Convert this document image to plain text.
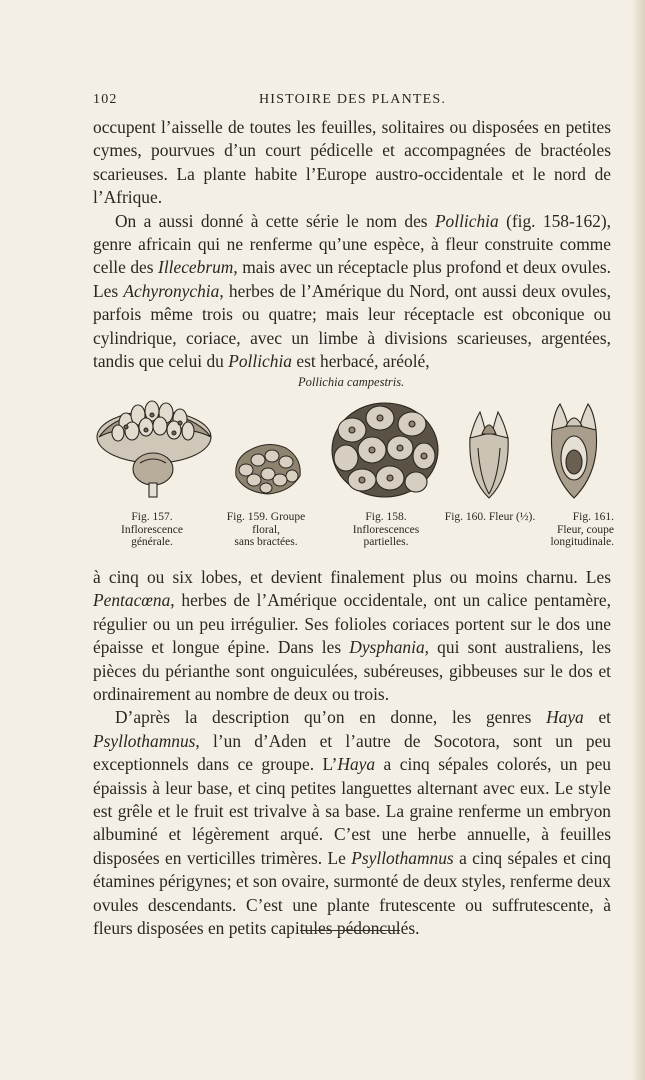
102	HISTOIRE DES PLANTES.

occupent l’aisselle de toutes les feuilles, solitaires ou disposées en petites cymes, pourvues d’un court pédicelle et accompagnées de bractéoles scarieuses. La plante habite l’Europe austro-occidentale et le nord de l’Afrique.

On a aussi donné à cette série le nom des Pollichia (fig. 158-162), genre africain qui ne renferme qu’une espèce, à fleur construite comme celle des Illecebrum, mais avec un réceptacle plus profond et deux ovules. Les Achyronychia, herbes de l’Amérique du Nord, ont aussi deux ovules, parfois même trois ou quatre; mais leur réceptacle est obconique ou cylindrique, coriace, avec un limbe à divisions scarieuses, argentées, tandis que celui du Pollichia est herbacé, aréolé,

Pollichia campestris.
Fig. 157.
Inflorescence
générale.
Fig. 159. Groupe
floral,
sans bractées.
Fig. 158.
Inflorescences
partielles.
Fig. 160. Fleur (½).	Fig. 161.
Fleur, coupe
longitudinale.

à cinq ou six lobes, et devient finalement plus ou moins charnu. Les Pentacœna, herbes de l’Amérique occidentale, ont un calice pentamère, régulier ou un peu irrégulier. Ses folioles coriaces portent sur le dos une épaisse et longue épine. Dans les Dysphania, qui sont australiens, les pièces du périanthe sont onguiculées, subéreuses, gibbeuses sur le dos et ordinairement au nombre de deux ou trois.

D’après la description qu’on en donne, les genres Haya et Psyllothamnus, l’un d’Aden et l’autre de Socotora, sont un peu exceptionnels dans ce groupe. L’Haya a cinq sépales colorés, un peu épaissis à leur base, et cinq petites languettes alternant avec eux. Le style est grêle et le fruit est trivalve à sa base. La graine renferme un embryon albuminé et légèrement arqué. C’est une herbe annuelle, à feuilles disposées en verticilles trimères. Le Psyllothamnus a cinq sépales et cinq étamines périgynes; et son ovaire, surmonté de deux styles, renferme deux ovules descendants. C’est une plante frutescente ou suffrutescente, à fleurs disposées en petits capitules pédonculés.
